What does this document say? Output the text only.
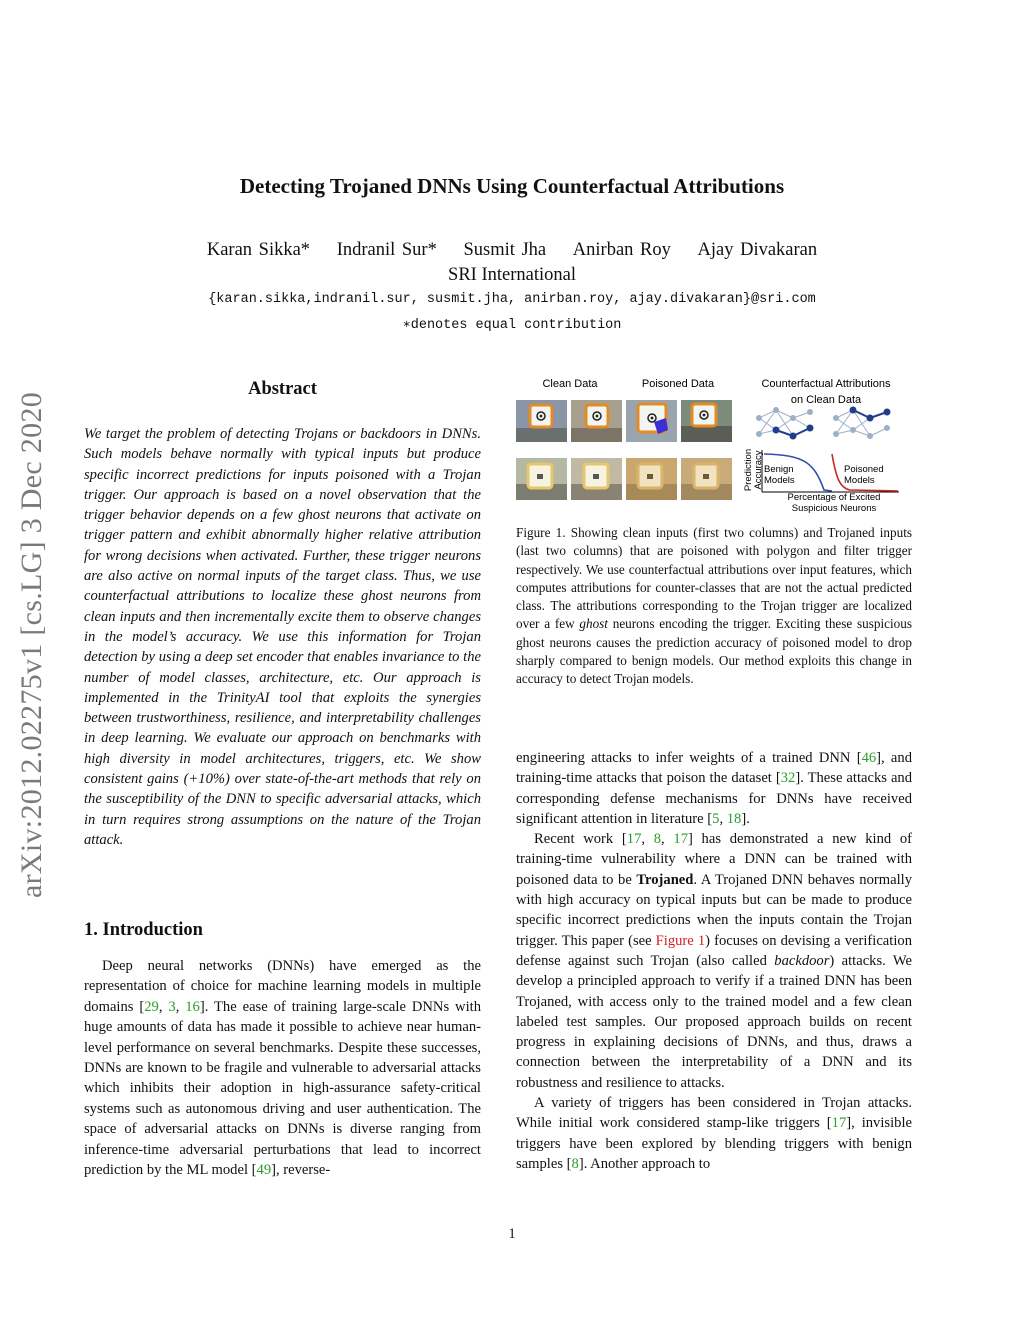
Detecting Trojaned DNNs Using Counterfactual Attributions
Karan Sikka* Indranil Sur* Susmit Jha Anirban Roy Ajay Divakaran
SRI International
{karan.sikka,indranil.sur, susmit.jha, anirban.roy, ajay.divakaran}@sri.com
∗denotes equal contribution
arXiv:2012.02275v1 [cs.LG] 3 Dec 2020
Abstract
We target the problem of detecting Trojans or backdoors in DNNs. Such models behave normally with typical inputs but produce specific incorrect predictions for inputs poisoned with a Trojan trigger. Our approach is based on a novel observation that the trigger behavior depends on a few ghost neurons that activate on trigger pattern and exhibit abnormally higher relative attribution for wrong decisions when activated. Further, these trigger neurons are also active on normal inputs of the target class. Thus, we use counterfactual attributions to localize these ghost neurons from clean inputs and then incrementally excite them to observe changes in the model’s accuracy. We use this information for Trojan detection by using a deep set encoder that enables invariance to the number of model classes, architecture, etc. Our approach is implemented in the TrinityAI tool that exploits the synergies between trustworthiness, resilience, and interpretability challenges in deep learning. We evaluate our approach on benchmarks with high diversity in model architectures, triggers, etc. We show consistent gains (+10%) over state-of-the-art methods that rely on the susceptibility of the DNN to specific adversarial attacks, which in turn requires strong assumptions on the nature of the Trojan attack.
1. Introduction

Deep neural networks (DNNs) have emerged as the representation of choice for machine learning models in multiple domains [29, 3, 16]. The ease of training large-scale DNNs with huge amounts of data has made it possible to achieve near human-level performance on several benchmarks. Despite these successes, DNNs are known to be fragile and vulnerable to adversarial attacks which inhibits their adoption in high-assurance safety-critical systems such as autonomous driving and user authentication. The space of adversarial attacks on DNNs is diverse ranging from inference-time adversarial perturbations that lead to incorrect prediction by the ML model [49], reverse-

Clean Data	Poisoned Data	Counterfactual Attributions
on Clean Data
Prediction Accuracy Benign
Models
Poisoned
Models
Percentage of Excited
Suspicious Neurons
Figure 1. Showing clean inputs (first two columns) and Trojaned inputs (last two columns) that are poisoned with polygon and filter trigger respectively. We use counterfactual attributions over input features, which computes attributions for counter-classes that are not the actual predicted class. The attributions corresponding to the Trojan trigger are localized over a few ghost neurons encoding the trigger. Exciting these suspicious ghost neurons causes the prediction accuracy of poisoned model to drop sharply compared to benign models. Our method exploits this change in accuracy to detect Trojan models.

engineering attacks to infer weights of a trained DNN [46], and training-time attacks that poison the dataset [32]. These attacks and corresponding defense mechanisms for DNNs have received significant attention in literature [5, 18].

Recent work [17, 8, 17] has demonstrated a new kind of training-time vulnerability where a DNN can be trained with poisoned data to be Trojaned. A Trojaned DNN behaves normally with high accuracy on typical inputs but can be made to produce specific incorrect predictions when the inputs contain the Trojan trigger. This paper (see Figure 1) focuses on devising a verification defense against such Trojan (also called backdoor) attacks. We develop a principled approach to verify if a trained DNN has been Trojaned, with access only to the trained model and a few clean labeled test samples. Our proposed approach builds on recent progress in explaining decisions of DNNs, and thus, draws a connection between the interpretability of a DNN and its robustness and resilience to attacks.

A variety of triggers has been considered in Trojan attacks. While initial work considered stamp-like triggers [17], invisible triggers have been explored by blending triggers with benign samples [8]. Another approach to

1
